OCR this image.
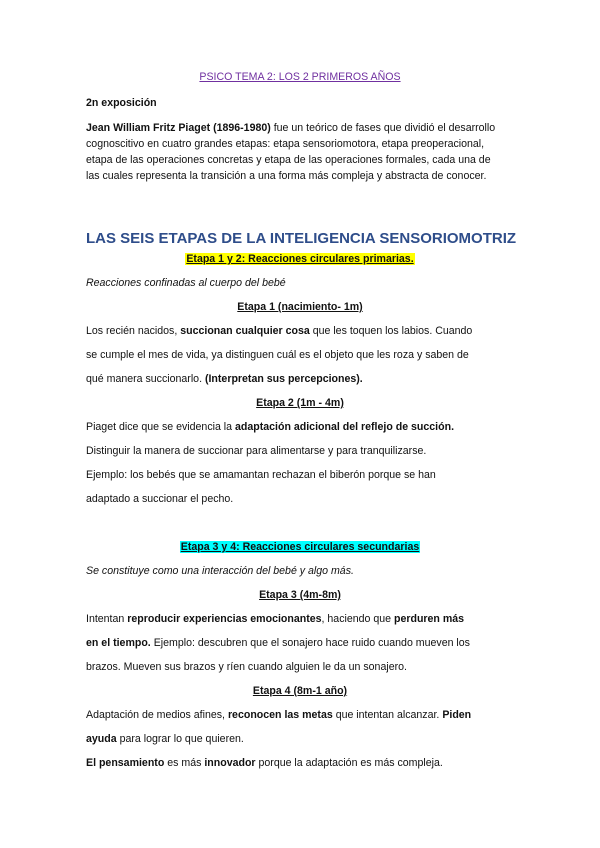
PSICO TEMA 2: LOS 2 PRIMEROS AÑOS
2n exposición
Jean William Fritz Piaget (1896-1980) fue un teórico de fases que dividió el desarrollo
cognoscitivo en cuatro grandes etapas: etapa sensoriomotora, etapa preoperacional,
etapa de las operaciones concretas y etapa de las operaciones formales, cada una de
las cuales representa la transición a una forma más compleja y abstracta de conocer.
LAS SEIS ETAPAS DE LA INTELIGENCIA SENSORIOMOTRIZ
Etapa 1 y 2: Reacciones circulares primarias.
Reacciones confinadas al cuerpo del bebé
Etapa 1 (nacimiento- 1m)
Los recién nacidos, succionan cualquier cosa que les toquen los labios. Cuando
se cumple el mes de vida, ya distinguen cuál es el objeto que les roza y saben de
qué manera succionarlo. (Interpretan sus percepciones).
Etapa 2 (1m - 4m)
Piaget dice que se evidencia la adaptación adicional del reflejo de succión.
Distinguir la manera de succionar para alimentarse y para tranquilizarse.
Ejemplo: los bebés que se amamantan rechazan el biberón porque se han
adaptado a succionar el pecho.
Etapa 3 y 4: Reacciones circulares secundarias
Se constituye como una interacción del bebé y algo más.
Etapa 3 (4m-8m)
Intentan reproducir experiencias emocionantes, haciendo que perduren más
en el tiempo. Ejemplo: descubren que el sonajero hace ruido cuando mueven los
brazos. Mueven sus brazos y ríen cuando alguien le da un sonajero.
Etapa 4 (8m-1 año)
Adaptación de medios afines, reconocen las metas que intentan alcanzar. Piden
ayuda para lograr lo que quieren.
El pensamiento es más innovador porque la adaptación es más compleja.
